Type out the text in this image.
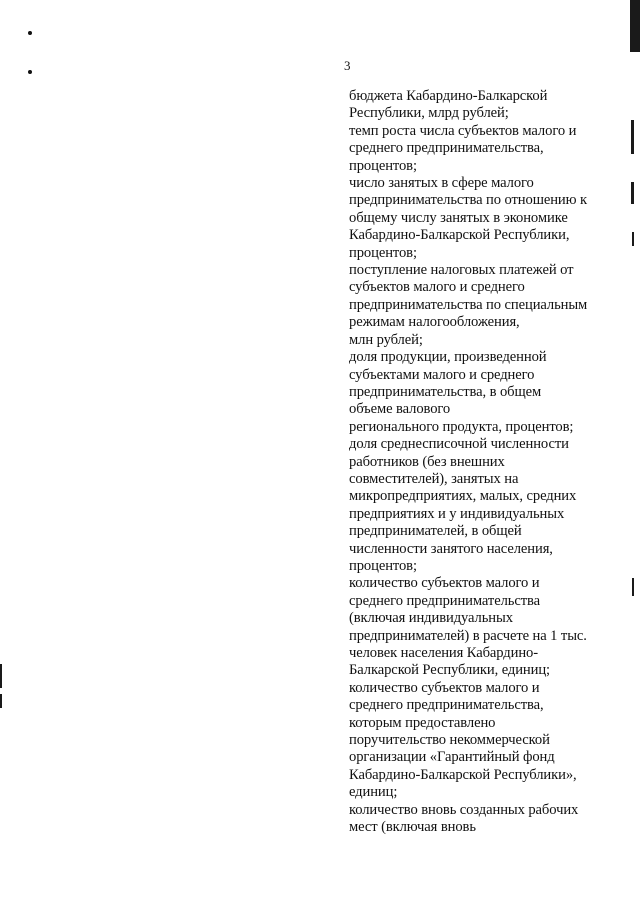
3
бюджета Кабардино-Балкарской
Республики, млрд рублей;
темп роста числа субъектов малого и
среднего предпринимательства,
процентов;
число занятых в сфере малого
предпринимательства по отношению к
общему числу занятых в экономике
Кабардино-Балкарской Республики,
процентов;
поступление налоговых платежей от
субъектов малого и среднего
предпринимательства по специальным
режимам налогообложения,
млн рублей;
доля продукции, произведенной
субъектами малого и среднего
предпринимательства, в общем
объеме валового
регионального продукта, процентов;
доля среднесписочной численности
работников (без внешних
совместителей), занятых на
микропредприятиях, малых, средних
предприятиях и у индивидуальных
предпринимателей, в общей
численности занятого населения,
процентов;
количество субъектов малого и
среднего предпринимательства
(включая индивидуальных
предпринимателей) в расчете на 1 тыс.
человек населения Кабардино-
Балкарской Республики, единиц;
количество субъектов малого и
среднего предпринимательства,
которым предоставлено
поручительство некоммерческой
организации «Гарантийный фонд
Кабардино-Балкарской Республики»,
единиц;
количество вновь созданных рабочих
мест (включая вновь
